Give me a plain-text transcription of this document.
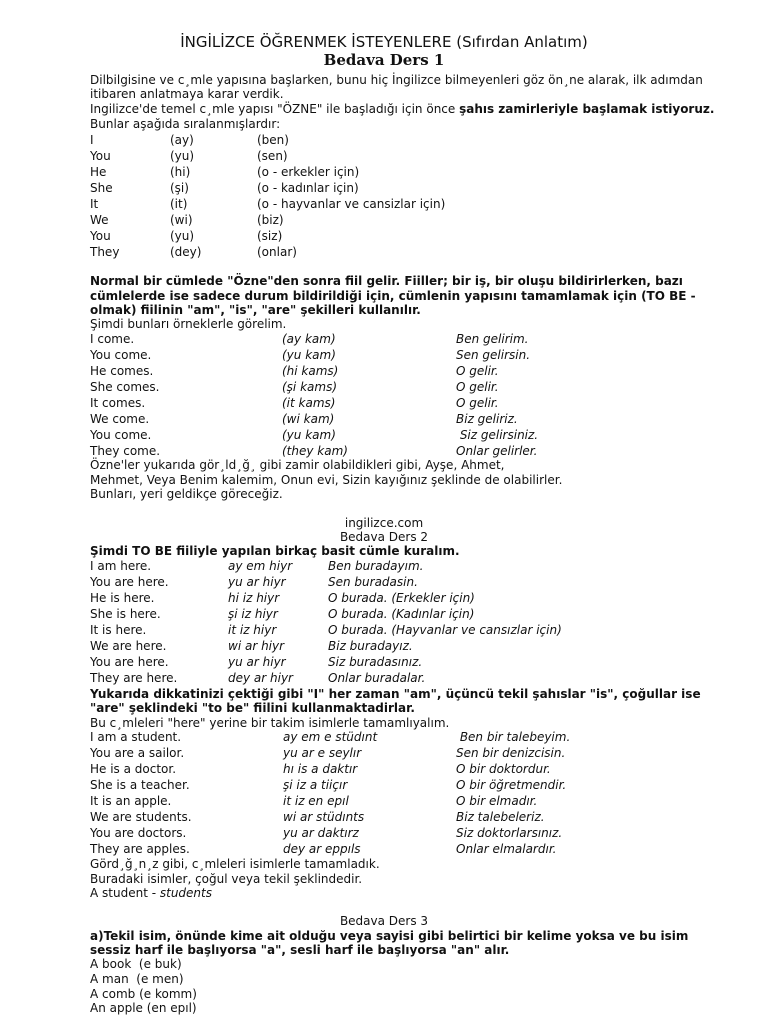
İNGİLİZCE ÖĞRENMEK İSTEYENLERE (Sıfırdan Anlatım)
Bedava Ders 1
Dilbilgisine ve c¸mle yapısına başlarken, bunu hiç İngilizce bilmeyenleri göz ön¸ne alarak, ilk adımdan
itibaren anlatmaya karar verdik.
Ingilizce'de temel c¸mle yapısı "ÖZNE" ile başladığı için önce şahıs zamirleriyle başlamak istiyoruz.
Bunlar aşağıda sıralanmışlardır:
I	(ay)	(ben)
You	(yu)	(sen)
He	(hi)	(o - erkekler için)
She	(şi)	(o - kadınlar için)
It	(it)	(o - hayvanlar ve cansizlar için)
We	(wi)	(biz)
You	(yu)	(siz)
They	(dey)	(onlar)
Normal bir cümlede "Özne"den sonra fiil gelir. Fiiller; bir iş, bir oluşu bildirirlerken, bazı
cümlelerde ise sadece durum bildirildiği için, cümlenin yapısını tamamlamak için (TO BE -
olmak) fiilinin "am", "is", "are" şekilleri kullanılır.
Şimdi bunları örneklerle görelim.
I come.	(ay kam)	Ben gelirim.
You come.	(yu kam)	Sen gelirsin.
He comes.	(hi kams)	O gelir.
She comes.	(şi kams)	O gelir.
It comes.	(it kams)	O gelir.
We come.	(wi kam)	Biz geliriz.
You come.	(yu kam)	Siz gelirsiniz.
They come.	(they kam)	Onlar gelirler.
Özne'ler yukarıda gör¸ld¸ğ¸ gibi zamir olabildikleri gibi, Ayşe, Ahmet,
Mehmet, Veya Benim kalemim, Onun evi, Sizin kayığınız şeklinde de olabilirler.
Bunları, yeri geldikçe göreceğiz.
ingilizce.com
Bedava Ders 2
Şimdi TO BE fiiliyle yapılan birkaç basit cümle kuralım.
I am here.	ay em hiyr	Ben buradayım.
You are here.	yu ar hiyr	Sen buradasin.
He is here.	hi iz hiyr	O burada. (Erkekler için)
She is here.	şi iz hiyr	O burada. (Kadınlar için)
It is here.	it iz hiyr	O burada. (Hayvanlar ve cansızlar için)
We are here.	wi ar hiyr	Biz buradayız.
You are here.	yu ar hiyr	Siz buradasınız.
They are here.	dey ar hiyr	Onlar buradalar.
Yukarıda dikkatinizi çektiği gibi "I" her zaman "am", üçüncü tekil şahıslar "is", çoğullar ise
"are" şeklindeki "to be" fiilini kullanmaktadirlar.
Bu c¸mleleri "here" yerine bir takim isimlerle tamamlıyalım.
I am a student.	ay em e stüdınt	Ben bir talebeyim.
You are a sailor.	yu ar e seylır	Sen bir denizcisin.
He is a doctor.	hı is a daktır	O bir doktordur.
She is a teacher.	şi iz a tiiçır	O bir öğretmendir.
It is an apple.	it iz en epıl	O bir elmadır.
We are students.	wi ar stüdınts	Biz talebeleriz.
You are doctors.	yu ar daktırz	Siz doktorlarsınız.
They are apples.	dey ar eppıls	Onlar elmalardır.
Görd¸ğ¸n¸z gibi, c¸mleleri isimlerle tamamladık.
Buradaki isimler, çoğul veya tekil şeklindedir.
A student - students
Bedava Ders 3
a)Tekil isim, önünde kime ait olduğu veya sayisi gibi belirtici bir kelime yoksa ve bu isim
sessiz harf ile başlıyorsa "a", sesli harf ile başlıyorsa "an" alır.
A book  (e buk)
A man  (e men)
A comb (e komm)
An apple (en epıl)
